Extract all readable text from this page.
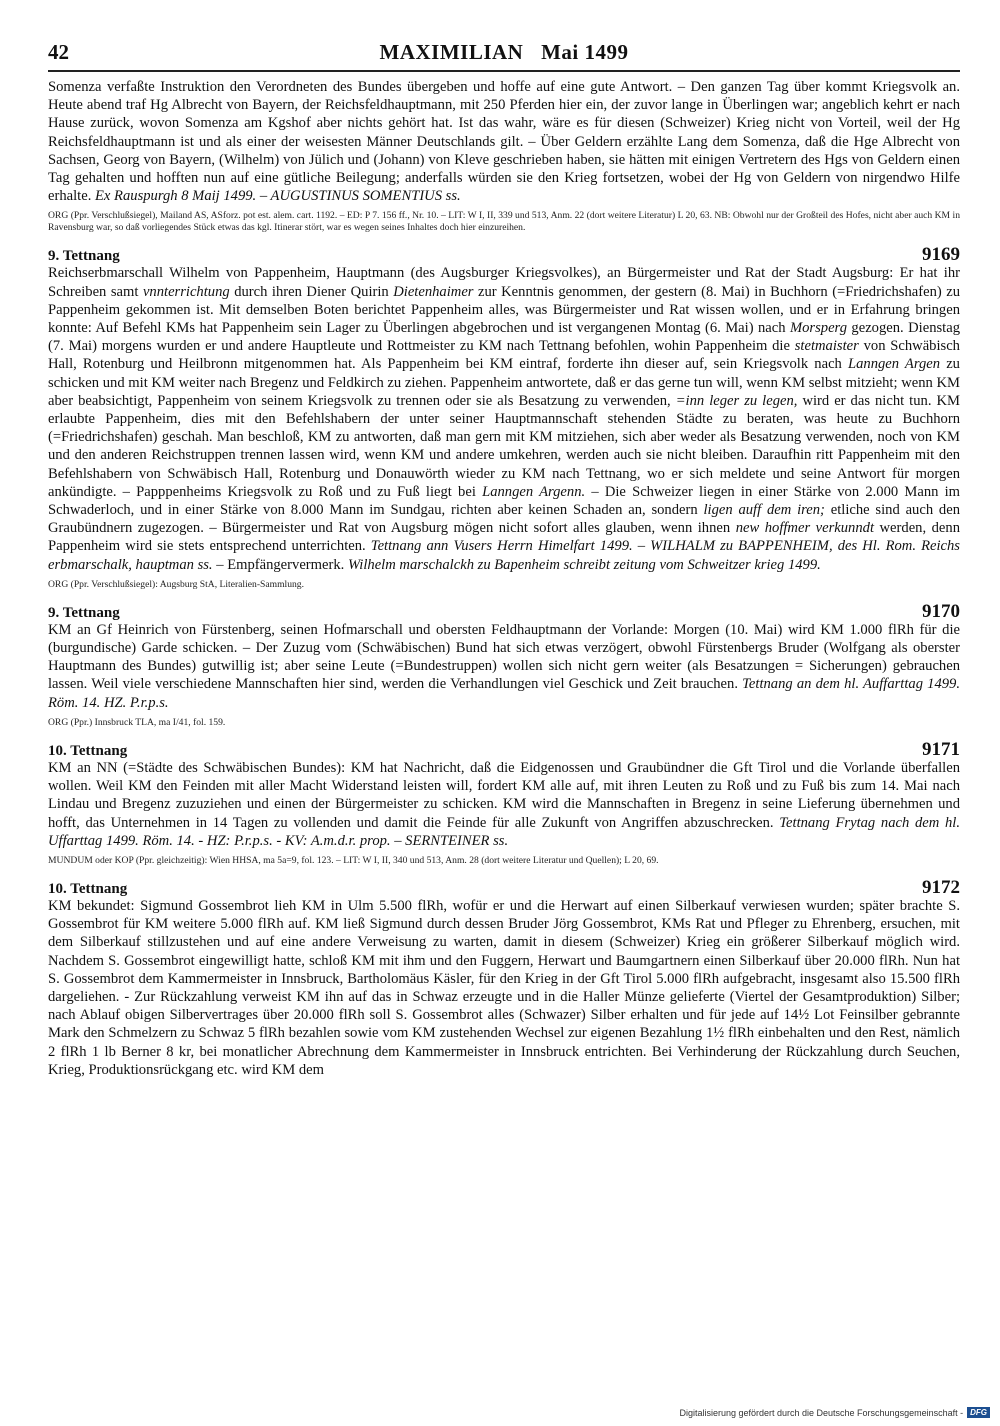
42	MAXIMILIAN Mai 1499

Somenza verfaßte Instruktion den Verordneten des Bundes übergeben und hoffe auf eine gute Antwort. – Den ganzen Tag über kommt Kriegsvolk an. Heute abend traf Hg Albrecht von Bayern, der Reichsfeldhauptmann, mit 250 Pferden hier ein, der zuvor lange in Überlingen war; angeblich kehrt er nach Hause zurück, wovon Somenza am Kgshof aber nichts gehört hat. Ist das wahr, wäre es für diesen (Schweizer) Krieg nicht von Vorteil, weil der Hg Reichsfeldhauptmann ist und als einer der weisesten Männer Deutschlands gilt. – Über Geldern erzählte Lang dem Somenza, daß die Hge Albrecht von Sachsen, Georg von Bayern, (Wilhelm) von Jülich und (Johann) von Kleve geschrieben haben, sie hätten mit einigen Vertretern des Hgs von Geldern einen Tag gehalten und hofften nun auf eine gütliche Beilegung; anderfalls würden sie den Krieg fortsetzen, wobei der Hg von Geldern von nirgendwo Hilfe erhalte. Ex Rauspurgh 8 Maij 1499. – AUGUSTINUS SOMENTIUS ss.

ORG (Ppr. Verschlußsiegel), Mailand AS, ASforz. pot est. alem. cart. 1192. – ED: P 7. 156 ff., Nr. 10. – LIT: W I, II, 339 und 513, Anm. 22 (dort weitere Literatur) L 20, 63. NB: Obwohl nur der Großteil des Hofes, nicht aber auch KM in Ravensburg war, so daß vorliegendes Stück etwas das kgl. Itinerar stört, war es wegen seines Inhaltes doch hier einzureihen.

9. Tettnang	9169

Reichserbmarschall Wilhelm von Pappenheim, Hauptmann (des Augsburger Kriegsvolkes), an Bürgermeister und Rat der Stadt Augsburg: Er hat ihr Schreiben samt vnnterrichtung durch ihren Diener Quirin Dietenhaimer zur Kenntnis genommen, der gestern (8. Mai) in Buchhorn (=Friedrichshafen) zu Pappenheim gekommen ist. Mit demselben Boten berichtet Pappenheim alles, was Bürgermeister und Rat wissen wollen, und er in Erfahrung bringen konnte: Auf Befehl KMs hat Pappenheim sein Lager zu Überlingen abgebrochen und ist vergangenen Montag (6. Mai) nach Morsperg gezogen. Dienstag (7. Mai) morgens wurden er und andere Hauptleute und Rottmeister zu KM nach Tettnang befohlen, wohin Pappenheim die stetmaister von Schwäbisch Hall, Rotenburg und Heilbronn mitgenommen hat. Als Pappenheim bei KM eintraf, forderte ihn dieser auf, sein Kriegsvolk nach Lanngen Argen zu schicken und mit KM weiter nach Bregenz und Feldkirch zu ziehen. Pappenheim antwortete, daß er das gerne tun will, wenn KM selbst mitzieht; wenn KM aber beabsichtigt, Pappenheim von seinem Kriegsvolk zu trennen oder sie als Besatzung zu verwenden, =inn leger zu legen, wird er das nicht tun. KM erlaubte Pappenheim, dies mit den Befehlshabern der unter seiner Hauptmannschaft stehenden Städte zu beraten, was heute zu Buchhorn (=Friedrichshafen) geschah. Man beschloß, KM zu antworten, daß man gern mit KM mitziehen, sich aber weder als Besatzung verwenden, noch von KM und den anderen Reichstruppen trennen lassen wird, wenn KM und andere umkehren, werden auch sie nicht bleiben. Daraufhin ritt Pappenheim mit den Befehlshabern von Schwäbisch Hall, Rotenburg und Donauwörth wieder zu KM nach Tettnang, wo er sich meldete und seine Antwort für morgen ankündigte. – Papppenheims Kriegsvolk zu Roß und zu Fuß liegt bei Lanngen Argenn. – Die Schweizer liegen in einer Stärke von 2.000 Mann im Schwaderloch, und in einer Stärke von 8.000 Mann im Sundgau, richten aber keinen Schaden an, sondern ligen auff dem iren; etliche sind auch den Graubündnern zugezogen. – Bürgermeister und Rat von Augsburg mögen nicht sofort alles glauben, wenn ihnen new hoffmer verkunndt werden, denn Pappenheim wird sie stets entsprechend unterrichten. Tettnang ann Vusers Herrn Himelfart 1499. – WILHALM zu BAPPENHEIM, des Hl. Rom. Reichs erbmarschalk, hauptman ss. – Empfängervermerk. Wilhelm marschalckh zu Bapenheim schreibt zeitung vom Schweitzer krieg 1499.

ORG (Ppr. Verschlußsiegel): Augsburg StA, Literalien-Sammlung.

9. Tettnang	9170

KM an Gf Heinrich von Fürstenberg, seinen Hofmarschall und obersten Feldhauptmann der Vorlande: Morgen (10. Mai) wird KM 1.000 flRh für die (burgundische) Garde schicken. – Der Zuzug vom (Schwäbischen) Bund hat sich etwas verzögert, obwohl Fürstenbergs Bruder (Wolfgang als oberster Hauptmann des Bundes) gutwillig ist; aber seine Leute (=Bundestruppen) wollen sich nicht gern weiter (als Besatzungen = Sicherungen) gebrauchen lassen. Weil viele verschiedene Mannschaften hier sind, werden die Verhandlungen viel Geschick und Zeit brauchen. Tettnang an dem hl. Auffarttag 1499. Röm. 14. HZ. P.r.p.s.

ORG (Ppr.) Innsbruck TLA, ma I/41, fol. 159.

10. Tettnang	9171

KM an NN (=Städte des Schwäbischen Bundes): KM hat Nachricht, daß die Eidgenossen und Graubündner die Gft Tirol und die Vorlande überfallen wollen. Weil KM den Feinden mit aller Macht Widerstand leisten will, fordert KM alle auf, mit ihren Leuten zu Roß und zu Fuß bis zum 14. Mai nach Lindau und Bregenz zuzuziehen und einen der Bürgermeister zu schicken. KM wird die Mannschaften in Bregenz in seine Lieferung übernehmen und hofft, das Unternehmen in 14 Tagen zu vollenden und damit die Feinde für alle Zukunft von Angriffen abzuschrecken. Tettnang Frytag nach dem hl. Uffarttag 1499. Röm. 14. - HZ: P.r.p.s. - KV: A.m.d.r. prop. – SERNTEINER ss.

MUNDUM oder KOP (Ppr. gleichzeitig): Wien HHSA, ma 5a=9, fol. 123. – LIT: W I, II, 340 und 513, Anm. 28 (dort weitere Literatur und Quellen); L 20, 69.

10. Tettnang	9172

KM bekundet: Sigmund Gossembrot lieh KM in Ulm 5.500 flRh, wofür er und die Herwart auf einen Silberkauf verwiesen wurden; später brachte S. Gossembrot für KM weitere 5.000 flRh auf. KM ließ Sigmund durch dessen Bruder Jörg Gossembrot, KMs Rat und Pfleger zu Ehrenberg, ersuchen, mit dem Silberkauf stillzustehen und auf eine andere Verweisung zu warten, damit in diesem (Schweizer) Krieg ein größerer Silberkauf möglich wird. Nachdem S. Gossembrot eingewilligt hatte, schloß KM mit ihm und den Fuggern, Herwart und Baumgartnern einen Silberkauf über 20.000 flRh. Nun hat S. Gossembrot dem Kammermeister in Innsbruck, Bartholomäus Käsler, für den Krieg in der Gft Tirol 5.000 flRh aufgebracht, insgesamt also 15.500 flRh dargeliehen. - Zur Rückzahlung verweist KM ihn auf das in Schwaz erzeugte und in die Haller Münze gelieferte (Viertel der Gesamtproduktion) Silber; nach Ablauf obigen Silbervertrages über 20.000 flRh soll S. Gossembrot alles (Schwazer) Silber erhalten und für jede auf 14½ Lot Feinsilber gebrannte Mark den Schmelzern zu Schwaz 5 flRh bezahlen sowie vom KM zustehenden Wechsel zur eigenen Bezahlung 1½ flRh einbehalten und den Rest, nämlich 2 flRh 1 lb Berner 8 kr, bei monatlicher Abrechnung dem Kammermeister in Innsbruck entrichten. Bei Verhinderung der Rückzahlung durch Seuchen, Krieg, Produktionsrückgang etc. wird KM dem

Digitalisierung gefördert durch die Deutsche Forschungsgemeinschaft - DFG
